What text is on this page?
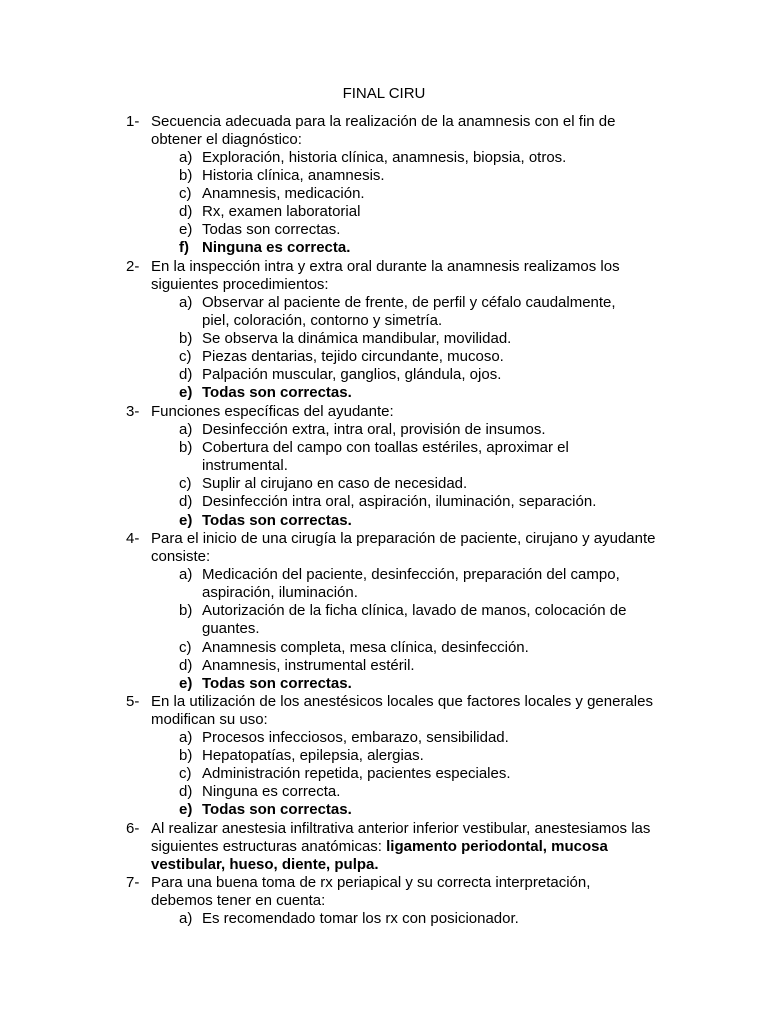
FINAL CIRU
1- Secuencia adecuada para la realización de la anamnesis con el fin de obtener el diagnóstico:
a) Exploración, historia clínica, anamnesis, biopsia, otros.
b) Historia clínica, anamnesis.
c) Anamnesis, medicación.
d) Rx, examen laboratorial
e) Todas son correctas.
f) Ninguna es correcta.
2- En la inspección intra y extra oral durante la anamnesis realizamos los siguientes procedimientos:
a) Observar al paciente de frente, de perfil y céfalo caudalmente, piel, coloración, contorno y simetría.
b) Se observa la dinámica mandibular, movilidad.
c) Piezas dentarias, tejido circundante, mucoso.
d) Palpación muscular, ganglios, glándula, ojos.
e) Todas son correctas.
3- Funciones específicas del ayudante:
a) Desinfección extra, intra oral, provisión de insumos.
b) Cobertura del campo con toallas estériles, aproximar el instrumental.
c) Suplir al cirujano en caso de necesidad.
d) Desinfección intra oral, aspiración, iluminación, separación.
e) Todas son correctas.
4- Para el inicio de una cirugía la preparación de paciente, cirujano y ayudante consiste:
a) Medicación del paciente, desinfección, preparación del campo, aspiración, iluminación.
b) Autorización de la ficha clínica, lavado de manos, colocación de guantes.
c) Anamnesis completa, mesa clínica, desinfección.
d) Anamnesis, instrumental estéril.
e) Todas son correctas.
5- En la utilización de los anestésicos locales que factores locales y generales modifican su uso:
a) Procesos infecciosos, embarazo, sensibilidad.
b) Hepatopatías, epilepsia, alergias.
c) Administración repetida, pacientes especiales.
d) Ninguna es correcta.
e) Todas son correctas.
6- Al realizar anestesia infiltrativa anterior inferior vestibular, anestesiamos las siguientes estructuras anatómicas: ligamento periodontal, mucosa vestibular, hueso, diente, pulpa.
7- Para una buena toma de rx periapical y su correcta interpretación, debemos tener en cuenta:
a) Es recomendado tomar los rx con posicionador.
